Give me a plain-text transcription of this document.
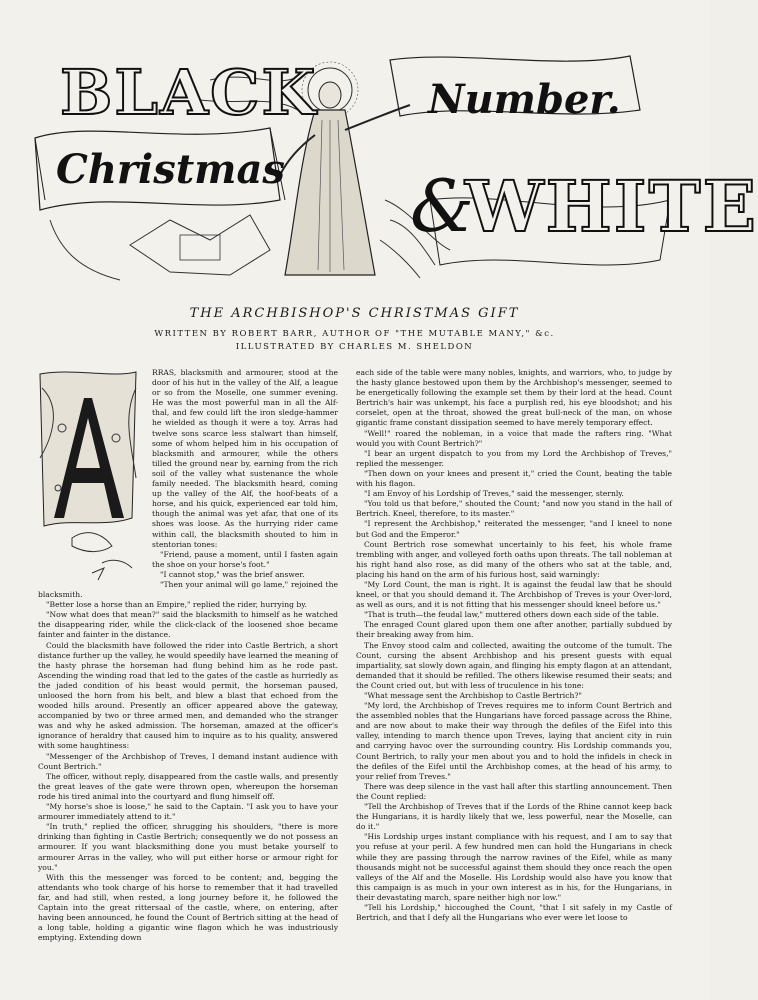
BLACK
Christmas
Number.
&
WHITE
THE ARCHBISHOP'S CHRISTMAS GIFT
WRITTEN BY ROBERT BARR, AUTHOR OF "THE MUTABLE MANY," &c.
ILLUSTRATED BY CHARLES M. SHELDON

RRAS, blacksmith and armourer, stood at the door of his hut in the valley of the Alf, a league or so from the Moselle, one summer evening. He was the most powerful man in all the Alf-thal, and few could lift the iron sledge-hammer he wielded as though it were a toy. Arras had twelve sons scarce less stalwart than himself, some of whom helped him in his occupation of blacksmith and armourer, while the others tilled the ground near by, earning from the rich soil of the valley what sustenance the whole family needed. The blacksmith heard, coming up the valley of the Alf, the hoof-beats of a horse, and his quick, experienced ear told him, though the animal was yet afar, that one of its shoes was loose. As the hurrying rider came within call, the blacksmith shouted to him in stentorian tones:

"Friend, pause a moment, until I fasten again the shoe on your horse's foot."

"I cannot stop," was the brief answer.

"Then your animal will go lame," rejoined the blacksmith.

"Better lose a horse than an Empire," replied the rider, hurrying by.

"Now what does that mean?" said the blacksmith to himself as he watched the disappearing rider, while the click-clack of the loosened shoe became fainter and fainter in the distance.

Could the blacksmith have followed the rider into Castle Bertrich, a short distance further up the valley, he would speedily have learned the meaning of the hasty phrase the horseman had flung behind him as he rode past. Ascending the winding road that led to the gates of the castle as hurriedly as the jaded condition of his beast would permit, the horseman paused, unloosed the horn from his belt, and blew a blast that echoed from the wooded hills around. Presently an officer appeared above the gateway, accompanied by two or three armed men, and demanded who the stranger was and why he asked admission. The horseman, amazed at the officer's ignorance of heraldry that caused him to inquire as to his quality, answered with some haughtiness:

"Messenger of the Archbishop of Treves, I demand instant audience with Count Bertrich."

The officer, without reply, disappeared from the castle walls, and presently the great leaves of the gate were thrown open, whereupon the horseman rode his tired animal into the courtyard and flung himself off.

"My horse's shoe is loose," he said to the Captain. "I ask you to have your armourer immediately attend to it."

"In truth," replied the officer, shrugging his shoulders, "there is more drinking than fighting in Castle Bertrich; consequently we do not possess an armourer. If you want blacksmithing done you must betake yourself to armourer Arras in the valley, who will put either horse or armour right for you."

With this the messenger was forced to be content; and, begging the attendants who took charge of his horse to remember that it had travelled far, and had still, when rested, a long journey before it, he followed the Captain into the great rittersaal of the castle, where, on entering, after having been announced, he found the Count of Bertrich sitting at the head of a long table, holding a gigantic wine flagon which he was industriously emptying. Extending down

each side of the table were many nobles, knights, and warriors, who, to judge by the hasty glance bestowed upon them by the Archbishop's messenger, seemed to be energetically following the example set them by their lord at the head. Count Bertrich's hair was unkempt, his face a purplish red, his eye bloodshot; and his corselet, open at the throat, showed the great bull-neck of the man, on whose gigantic frame constant dissipation seemed to have merely temporary effect.

"Well!" roared the nobleman, in a voice that made the rafters ring. "What would you with Count Bertrich?"

"I bear an urgent dispatch to you from my Lord the Archbishop of Treves," replied the messenger.

"Then down on your knees and present it," cried the Count, beating the table with his flagon.

"I am Envoy of his Lordship of Treves," said the messenger, sternly.

"You told us that before," shouted the Count; "and now you stand in the hall of Bertrich. Kneel, therefore, to its master."

"I represent the Archbishop," reiterated the messenger, "and I kneel to none but God and the Emperor."

Count Bertrich rose somewhat uncertainly to his feet, his whole frame trembling with anger, and volleyed forth oaths upon threats. The tall nobleman at his right hand also rose, as did many of the others who sat at the table, and, placing his hand on the arm of his furious host, said warningly:

"My Lord Count, the man is right. It is against the feudal law that he should kneel, or that you should demand it. The Archbishop of Treves is your Over-lord, as well as ours, and it is not fitting that his messenger should kneel before us."

"That is truth—the feudal law," muttered others down each side of the table.

The enraged Count glared upon them one after another, partially subdued by their breaking away from him.

The Envoy stood calm and collected, awaiting the outcome of the tumult. The Count, cursing the absent Archbishop and his present guests with equal impartiality, sat slowly down again, and flinging his empty flagon at an attendant, demanded that it should be refilled. The others likewise resumed their seats; and the Count cried out, but with less of truculence in his tone:

"What message sent the Archbishop to Castle Bertrich?"

"My lord, the Archbishop of Treves requires me to inform Count Bertrich and the assembled nobles that the Hungarians have forced passage across the Rhine, and are now about to make their way through the defiles of the Eifel into this valley, intending to march thence upon Treves, laying that ancient city in ruin and carrying havoc over the surrounding country. His Lordship commands you, Count Bertrich, to rally your men about you and to hold the infidels in check in the defiles of the Eifel until the Archbishop comes, at the head of his army, to your relief from Treves."

There was deep silence in the vast hall after this startling announcement. Then the Count replied:

"Tell the Archbishop of Treves that if the Lords of the Rhine cannot keep back the Hungarians, it is hardly likely that we, less powerful, near the Moselle, can do it."

"His Lordship urges instant compliance with his request, and I am to say that you refuse at your peril. A few hundred men can hold the Hungarians in check while they are passing through the narrow ravines of the Eifel, while as many thousands might not be successful against them should they once reach the open valleys of the Alf and the Moselle. His Lordship would also have you know that this campaign is as much in your own interest as in his, for the Hungarians, in their devastating march, spare neither high nor low."

"Tell his Lordship," hiccoughed the Count, "that I sit safely in my Castle of Bertrich, and that I defy all the Hungarians who ever were let loose to
